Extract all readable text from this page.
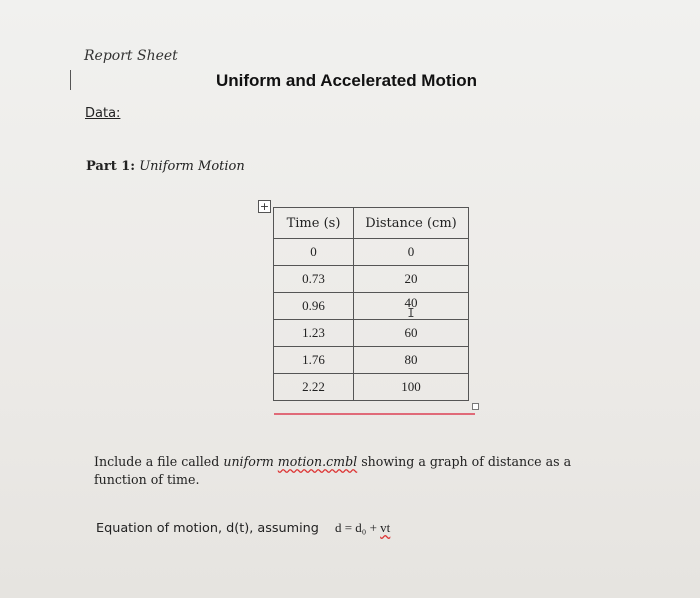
Report Sheet
Uniform and Accelerated Motion
Data:
Part 1: Uniform Motion
+
Time (s)	Distance (cm)
0	0
0.73	20
0.96	40
I

1.23	60
1.76	80
2.22	100
Include a file called uniform motion.cmbl showing a graph of distance as a function of time.
Equation of motion, d(t), assuming d = d₀ + vt
